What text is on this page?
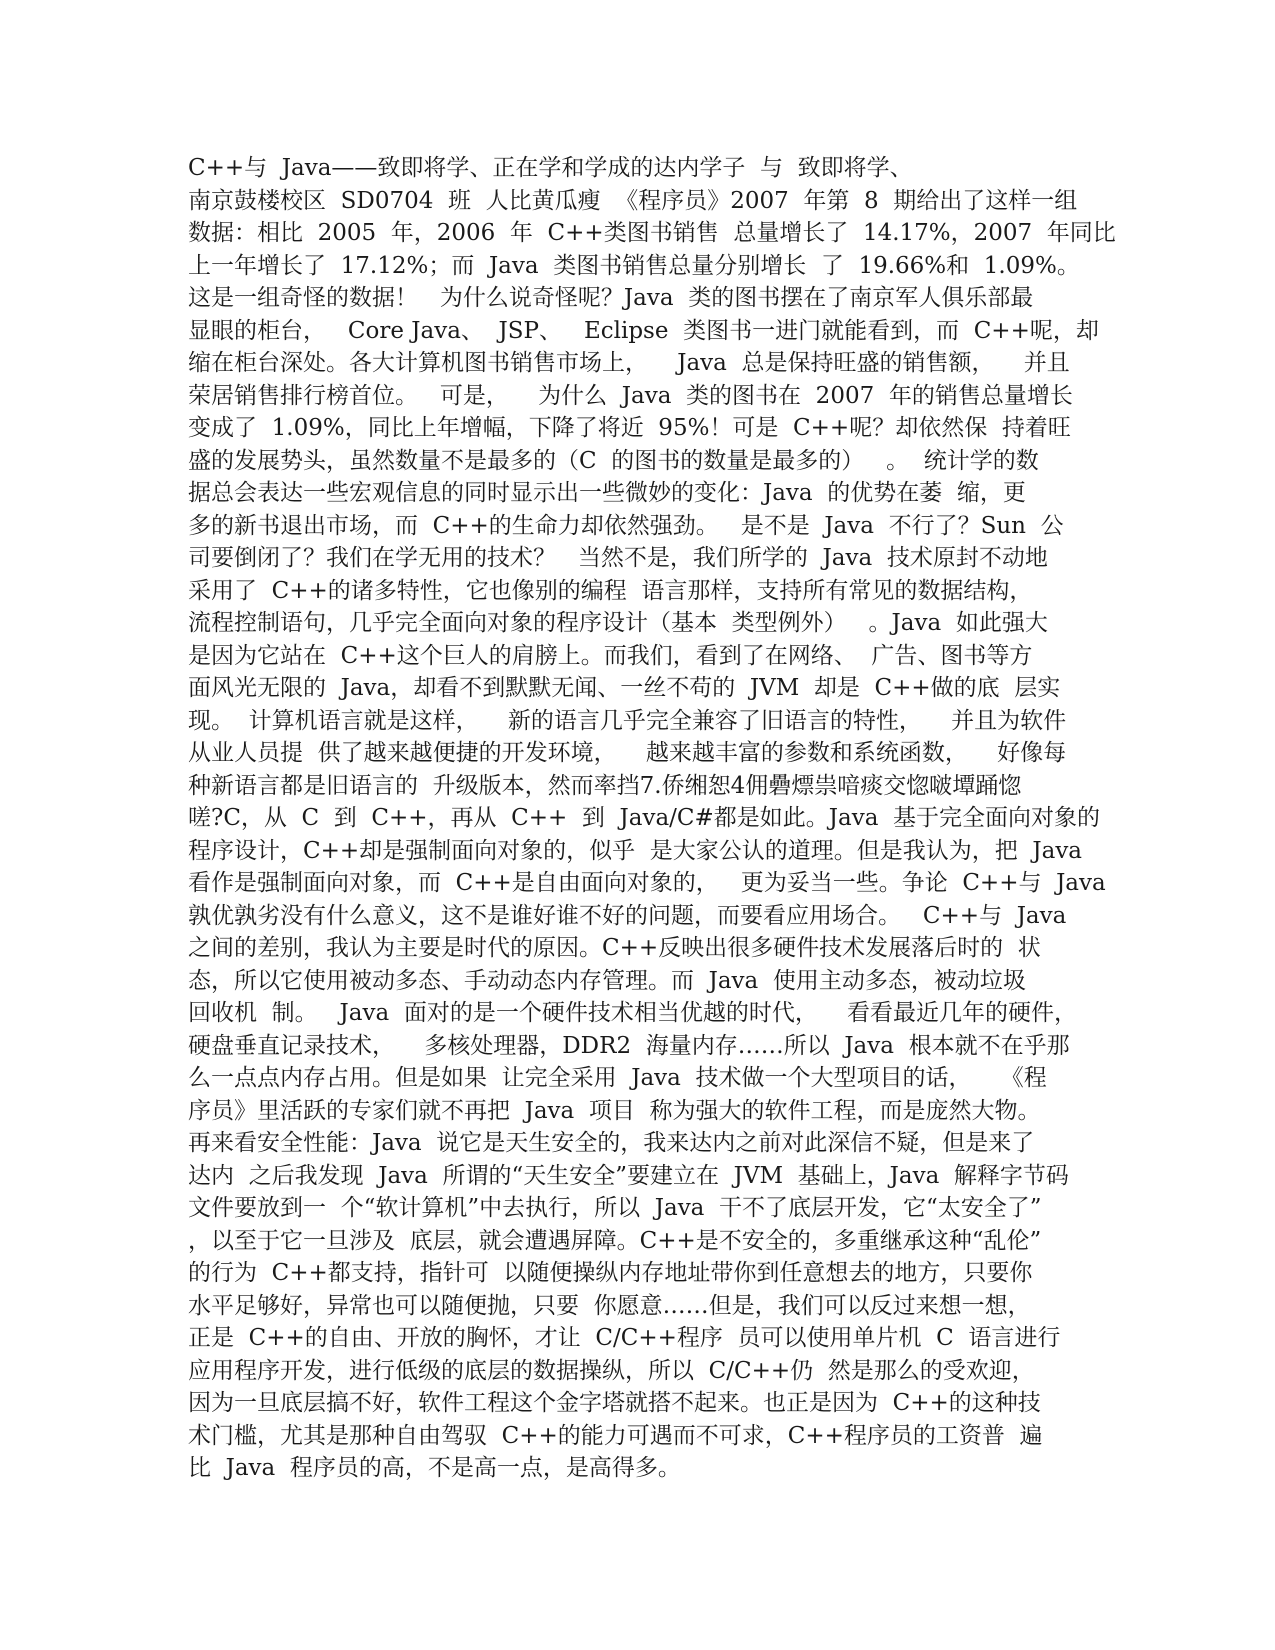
C++与  Java——致即将学、正在学和学成的达内学子  与  致即将学、
南京鼓楼校区  SD0704  班  人比黄瓜瘦  《程序员》2007  年第  8  期给出了这样一组
数据：相比  2005  年，2006  年  C++类图书销售  总量增长了  14.17%，2007  年同比
上一年增长了  17.12%；而  Java  类图书销售总量分别增长  了  19.66%和  1.09%。
这是一组奇怪的数据！   为什么说奇怪呢？Java  类的图书摆在了南京军人俱乐部最
显眼的柜台，   Core Java、  JSP、   Eclipse  类图书一进门就能看到，而  C++呢，却
缩在柜台深处。各大计算机图书销售市场上，    Java  总是保持旺盛的销售额，    并且
荣居销售排行榜首位。   可是，    为什么  Java  类的图书在  2007  年的销售总量增长
变成了  1.09%，同比上年增幅，下降了将近  95%！可是  C++呢？却依然保  持着旺
盛的发展势头，虽然数量不是最多的（C  的图书的数量是最多的）   。  统计学的数
据总会表达一些宏观信息的同时显示出一些微妙的变化：Java  的优势在萎  缩，更
多的新书退出市场，而  C++的生命力却依然强劲。   是不是  Java  不行了？Sun  公
司要倒闭了？我们在学无用的技术？   当然不是，我们所学的  Java  技术原封不动地
采用了  C++的诸多特性，它也像别的编程  语言那样，支持所有常见的数据结构，
流程控制语句，几乎完全面向对象的程序设计（基本  类型例外）   。Java  如此强大
是因为它站在  C++这个巨人的肩膀上。而我们，看到了在网络、  广告、图书等方
面风光无限的  Java，却看不到默默无闻、一丝不苟的  JVM  却是  C++做的底  层实
现。  计算机语言就是这样，    新的语言几乎完全兼容了旧语言的特性，    并且为软件
从业人员提  供了越来越便捷的开发环境，    越来越丰富的参数和系统函数，    好像每
种新语言都是旧语言的  升级版本，然而率挡7.侨缃恕4佣礨熛祟喑痰交惚啵墰踊惚
嗟?C，从  C  到  C++，再从  C++  到  Java/C#都是如此。Java  基于完全面向对象的
程序设计，C++却是强制面向对象的，似乎  是大家公认的道理。但是我认为，把  Java
看作是强制面向对象，而  C++是自由面向对象的，   更为妥当一些。争论  C++与  Java
孰优孰劣没有什么意义，这不是谁好谁不好的问题，而要看应用场合。   C++与  Java
之间的差别，我认为主要是时代的原因。C++反映出很多硬件技术发展落后时的  状
态，所以它使用被动多态、手动动态内存管理。而  Java  使用主动多态，被动垃圾
回收机  制。   Java  面对的是一个硬件技术相当优越的时代，    看看最近几年的硬件，
硬盘垂直记录技术，    多核处理器，DDR2  海量内存……所以  Java  根本就不在乎那
么一点点内存占用。但是如果  让完全采用  Java  技术做一个大型项目的话，    《程
序员》里活跃的专家们就不再把  Java  项目  称为强大的软件工程，而是庞然大物。
再来看安全性能：Java  说它是天生安全的，我来达内之前对此深信不疑，但是来了
达内  之后我发现  Java  所谓的“天生安全”要建立在  JVM  基础上，Java  解释字节码
文件要放到一  个“软计算机”中去执行，所以  Java  干不了底层开发，它“太安全了”
，以至于它一旦涉及  底层，就会遭遇屏障。C++是不安全的，多重继承这种“乱伦”
的行为  C++都支持，指针可  以随便操纵内存地址带你到任意想去的地方，只要你
水平足够好，异常也可以随便抛，只要  你愿意……但是，我们可以反过来想一想，
正是  C++的自由、开放的胸怀，才让  C/C++程序  员可以使用单片机  C  语言进行
应用程序开发，进行低级的底层的数据操纵，所以  C/C++仍  然是那么的受欢迎，
因为一旦底层搞不好，软件工程这个金字塔就搭不起来。也正是因为  C++的这种技
术门槛，尤其是那种自由驾驭  C++的能力可遇而不可求，C++程序员的工资普  遍
比  Java  程序员的高，不是高一点，是高得多。
